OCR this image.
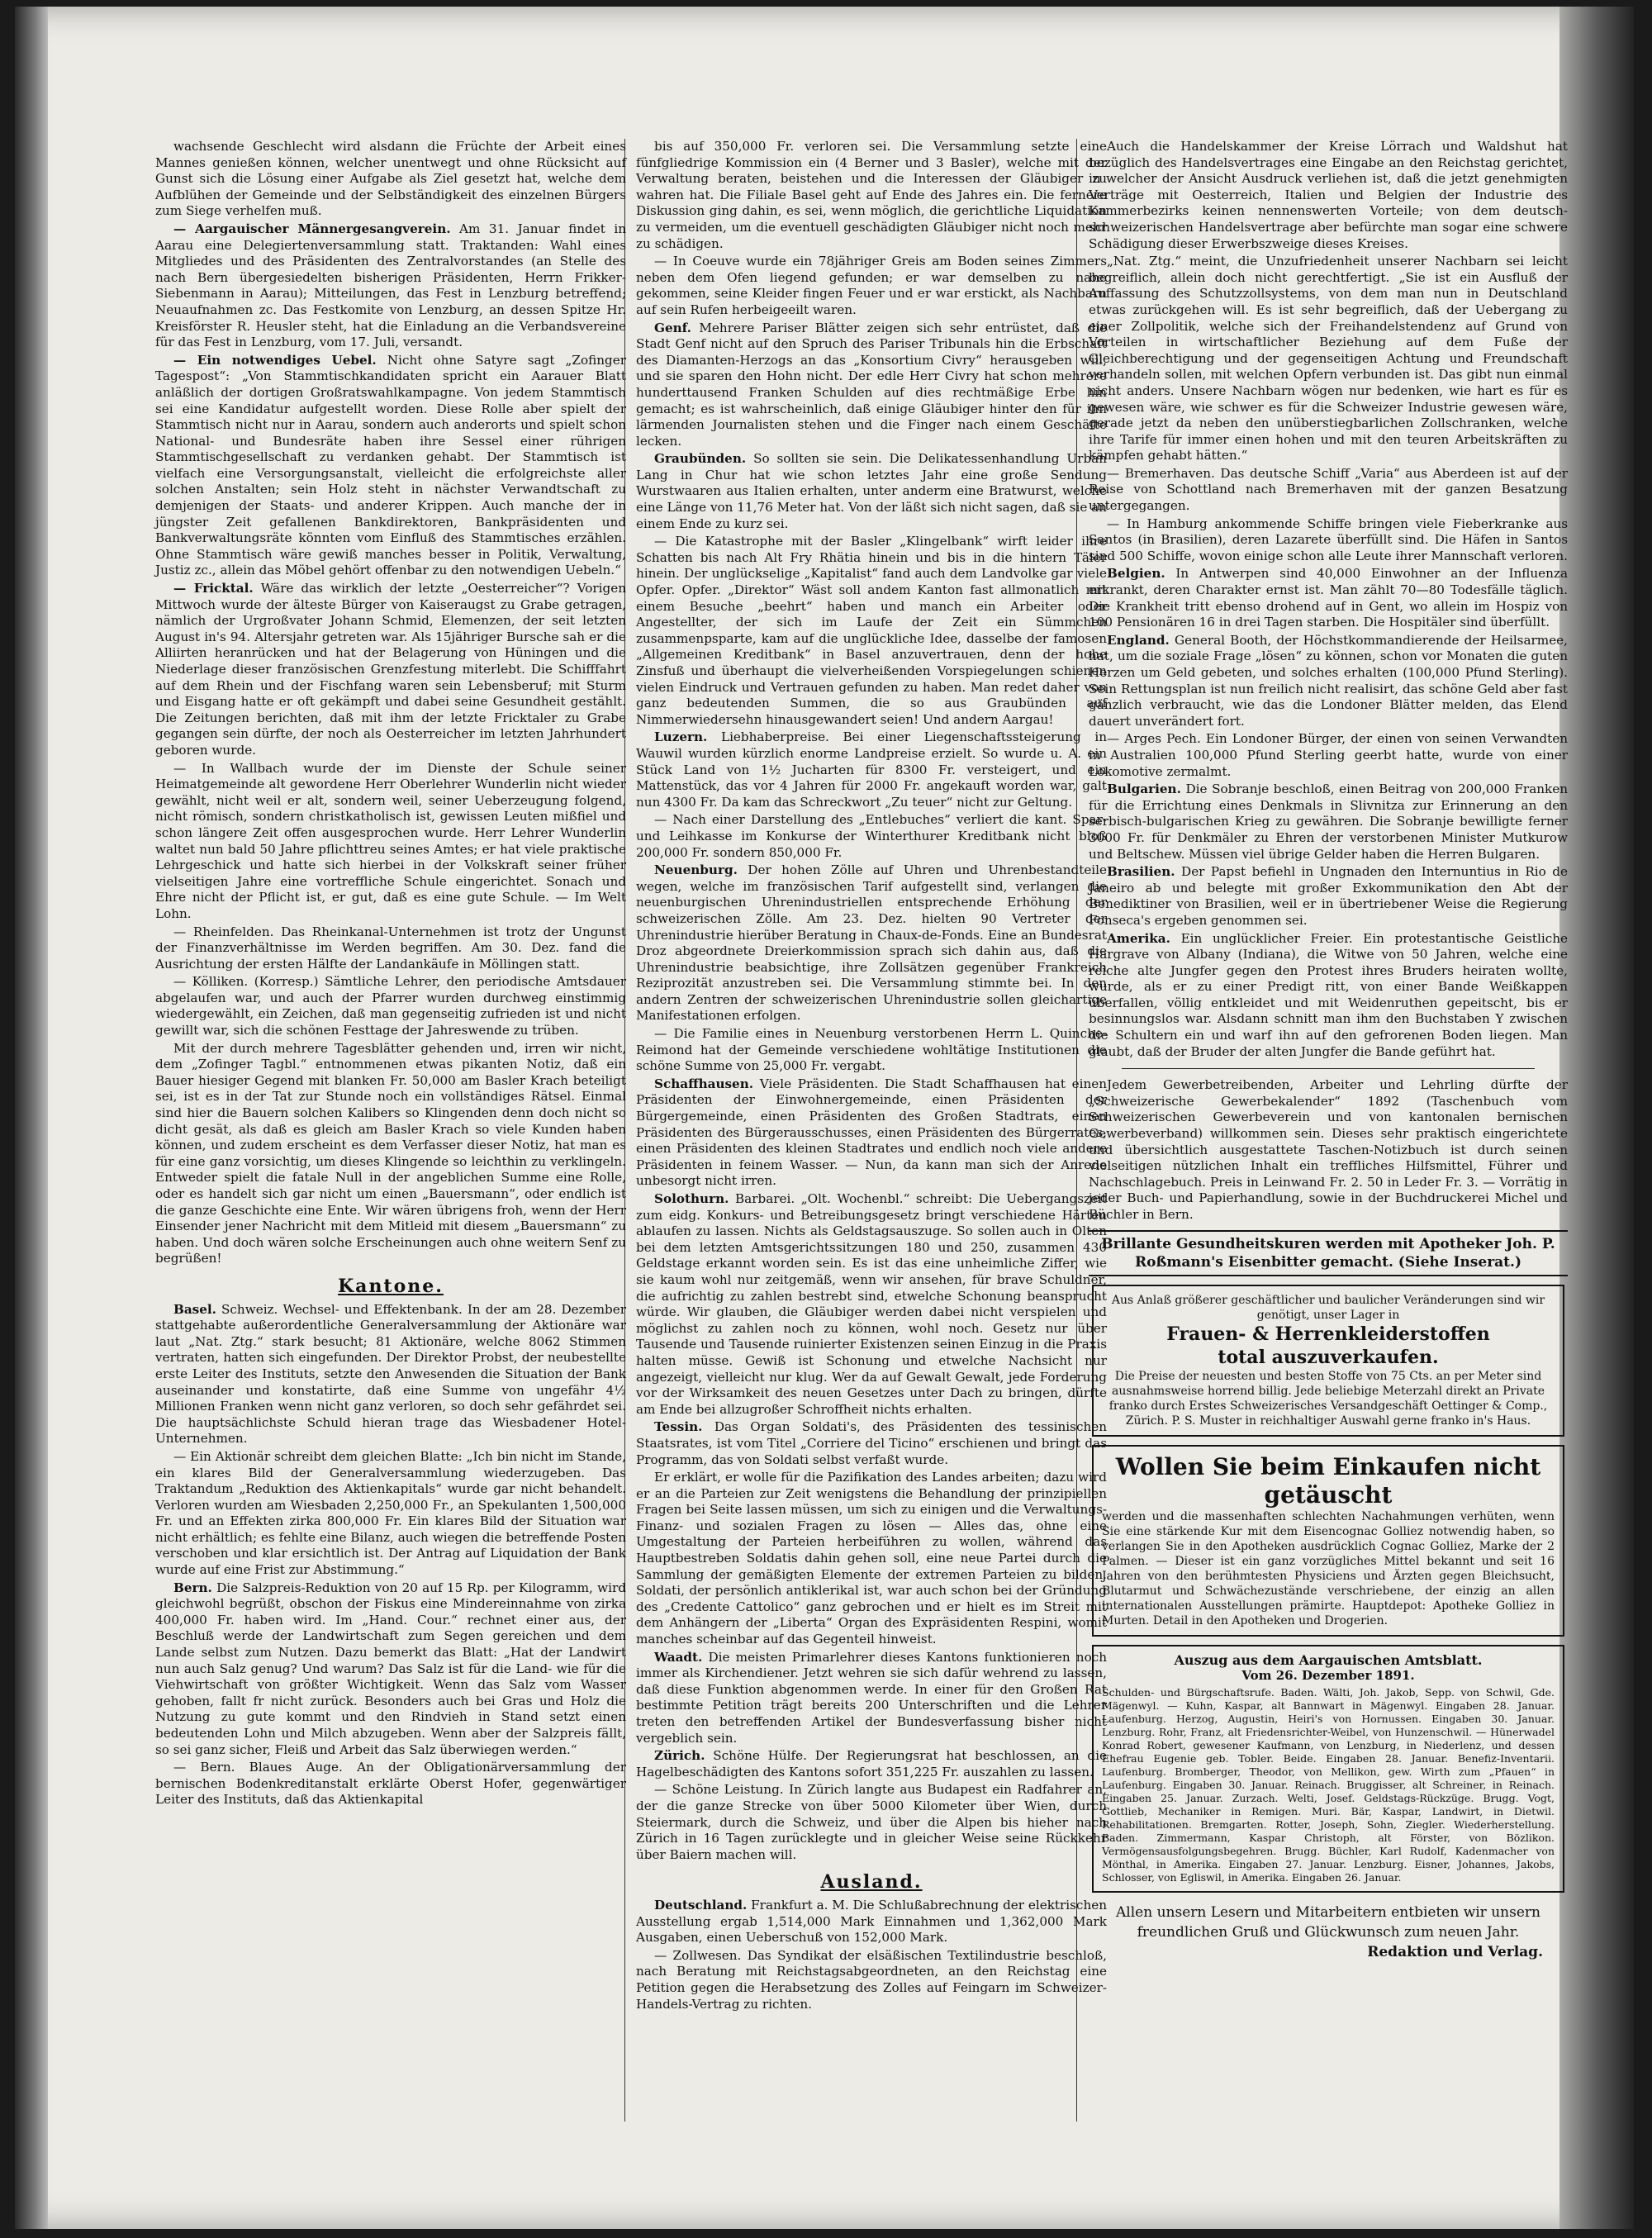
wachsende Geschlecht wird alsdann die Früchte der Arbeit eines Mannes genießen können, welcher unentwegt und ohne Rücksicht auf Gunst sich die Lösung einer Aufgabe als Ziel gesetzt hat, welche dem Aufblühen der Gemeinde und der Selbständigkeit des einzelnen Bürgers zum Siege verhelfen muß.

— Aargauischer Männergesangverein. Am 31. Januar findet in Aarau eine Delegiertenversammlung statt. Traktanden: Wahl eines Mitgliedes und des Präsidenten des Zentralvorstandes (an Stelle des nach Bern übergesiedelten bisherigen Präsidenten, Herrn Frikker-Siebenmann in Aarau); Mitteilungen, das Fest in Lenzburg betreffend; Neuaufnahmen zc. Das Festkomite von Lenzburg, an dessen Spitze Hr. Kreisförster R. Heusler steht, hat die Einladung an die Verbandsvereine für das Fest in Lenzburg, vom 17. Juli, versandt.

— Ein notwendiges Uebel. Nicht ohne Satyre sagt „Zofinger Tagespost“: „Von Stammtischkandidaten spricht ein Aarauer Blatt anläßlich der dortigen Großratswahlkampagne. Von jedem Stammtisch sei eine Kandidatur aufgestellt worden. Diese Rolle aber spielt der Stammtisch nicht nur in Aarau, sondern auch anderorts und spielt schon National- und Bundesräte haben ihre Sessel einer rührigen Stammtischgesellschaft zu verdanken gehabt. Der Stammtisch ist vielfach eine Versorgungsanstalt, vielleicht die erfolgreichste aller solchen Anstalten; sein Holz steht in nächster Verwandtschaft zu demjenigen der Staats- und anderer Krippen. Auch manche der in jüngster Zeit gefallenen Bankdirektoren, Bankpräsidenten und Bankverwaltungsräte könnten vom Einfluß des Stammtisches erzählen. Ohne Stammtisch wäre gewiß manches besser in Politik, Verwaltung, Justiz zc., allein das Möbel gehört offenbar zu den notwendigen Uebeln.“

— Fricktal. Wäre das wirklich der letzte „Oesterreicher“? Vorigen Mittwoch wurde der älteste Bürger von Kaiseraugst zu Grabe getragen, nämlich der Urgroßvater Johann Schmid, Elemenzen, der seit letzten August in's 94. Altersjahr getreten war. Als 15jähriger Bursche sah er die Alliirten heranrücken und hat der Belagerung von Hüningen und die Niederlage dieser französischen Grenzfestung miterlebt. Die Schifffahrt auf dem Rhein und der Fischfang waren sein Lebensberuf; mit Sturm und Eisgang hatte er oft gekämpft und dabei seine Gesundheit gestählt. Die Zeitungen berichten, daß mit ihm der letzte Fricktaler zu Grabe gegangen sein dürfte, der noch als Oesterreicher im letzten Jahrhundert geboren wurde.

— In Wallbach wurde der im Dienste der Schule seiner Heimatgemeinde alt gewordene Herr Oberlehrer Wunderlin nicht wieder gewählt, nicht weil er alt, sondern weil, seiner Ueberzeugung folgend, nicht römisch, sondern christkatholisch ist, gewissen Leuten mißfiel und schon längere Zeit offen ausgesprochen wurde. Herr Lehrer Wunderlin waltet nun bald 50 Jahre pflichttreu seines Amtes; er hat viele praktische Lehrgeschick und hatte sich hierbei in der Volkskraft seiner früher vielseitigen Jahre eine vortreffliche Schule eingerichtet. Sonach und Ehre nicht der Pflicht ist, er gut, daß es eine gute Schule. — Im Welt Lohn.

— Rheinfelden. Das Rheinkanal-Unternehmen ist trotz der Ungunst der Finanzverhältnisse im Werden begriffen. Am 30. Dez. fand die Ausrichtung der ersten Hälfte der Landankäufe in Möllingen statt.

— Kölliken. (Korresp.) Sämtliche Lehrer, den periodische Amtsdauer abgelaufen war, und auch der Pfarrer wurden durchweg einstimmig wiedergewählt, ein Zeichen, daß man gegenseitig zufrieden ist und nicht gewillt war, sich die schönen Festtage der Jahreswende zu trüben.

Mit der durch mehrere Tagesblätter gehenden und, irren wir nicht, dem „Zofinger Tagbl.“ entnommenen etwas pikanten Notiz, daß ein Bauer hiesiger Gegend mit blanken Fr. 50,000 am Basler Krach beteiligt sei, ist es in der Tat zur Stunde noch ein vollständiges Rätsel. Einmal sind hier die Bauern solchen Kalibers so Klingenden denn doch nicht so dicht gesät, als daß es gleich am Basler Krach so viele Kunden haben können, und zudem erscheint es dem Verfasser dieser Notiz, hat man es für eine ganz vorsichtig, um dieses Klingende so leichthin zu verklingeln. Entweder spielt die fatale Null in der angeblichen Summe eine Rolle, oder es handelt sich gar nicht um einen „Bauersmann“, oder endlich ist die ganze Geschichte eine Ente. Wir wären übrigens froh, wenn der Herr Einsender jener Nachricht mit dem Mitleid mit diesem „Bauersmann“ zu haben. Und doch wären solche Erscheinungen auch ohne weitern Senf zu begrüßen!

Kantone.

Basel. Schweiz. Wechsel- und Effektenbank. In der am 28. Dezember stattgehabte außerordentliche Generalversammlung der Aktionäre war laut „Nat. Ztg.“ stark besucht; 81 Aktionäre, welche 8062 Stimmen vertraten, hatten sich eingefunden. Der Direktor Probst, der neubestellte erste Leiter des Instituts, setzte den Anwesenden die Situation der Bank auseinander und konstatirte, daß eine Summe von ungefähr 4½ Millionen Franken wenn nicht ganz verloren, so doch sehr gefährdet sei. Die hauptsächlichste Schuld hieran trage das Wiesbadener Hotel-Unternehmen.

— Ein Aktionär schreibt dem gleichen Blatte: „Ich bin nicht im Stande, ein klares Bild der Generalversammlung wiederzugeben. Das Traktandum „Reduktion des Aktienkapitals“ wurde gar nicht behandelt. Verloren wurden am Wiesbaden 2,250,000 Fr., an Spekulanten 1,500,000 Fr. und an Effekten zirka 800,000 Fr. Ein klares Bild der Situation war nicht erhältlich; es fehlte eine Bilanz, auch wiegen die betreffende Posten verschoben und klar ersichtlich ist. Der Antrag auf Liquidation der Bank wurde auf eine Frist zur Abstimmung.“

Bern. Die Salzpreis-Reduktion von 20 auf 15 Rp. per Kilogramm, wird gleichwohl begrüßt, obschon der Fiskus eine Mindereinnahme von zirka 400,000 Fr. haben wird. Im „Hand. Cour.“ rechnet einer aus, der Beschluß werde der Landwirtschaft zum Segen gereichen und dem Lande selbst zum Nutzen. Dazu bemerkt das Blatt: „Hat der Landwirt nun auch Salz genug? Und warum? Das Salz ist für die Land- wie für die Viehwirtschaft von größter Wichtigkeit. Wenn das Salz vom Wasser gehoben, fallt fr nicht zurück. Besonders auch bei Gras und Holz die Nutzung zu gute kommt und den Rindvieh in Stand setzt einen bedeutenden Lohn und Milch abzugeben. Wenn aber der Salzpreis fällt, so sei ganz sicher, Fleiß und Arbeit das Salz überwiegen werden.“

— Bern. Blaues Auge. An der Obligationärversammlung der bernischen Bodenkreditanstalt erklärte Oberst Hofer, gegenwärtiger Leiter des Instituts, daß das Aktienkapital

bis auf 350,000 Fr. verloren sei. Die Versammlung setzte eine fünfgliedrige Kommission ein (4 Berner und 3 Basler), welche mit der Verwaltung beraten, beistehen und die Interessen der Gläubiger zu wahren hat. Die Filiale Basel geht auf Ende des Jahres ein. Die fernere Diskussion ging dahin, es sei, wenn möglich, die gerichtliche Liquidation zu vermeiden, um die eventuell geschädigten Gläubiger nicht noch mehr zu schädigen.

— In Coeuve wurde ein 78jähriger Greis am Boden seines Zimmers neben dem Ofen liegend gefunden; er war demselben zu nahe gekommen, seine Kleider fingen Feuer und er war erstickt, als Nachbarn auf sein Rufen herbeigeeilt waren.

Genf. Mehrere Pariser Blätter zeigen sich sehr entrüstet, daß die Stadt Genf nicht auf den Spruch des Pariser Tribunals hin die Erbschaft des Diamanten-Herzogs an das „Konsortium Civry“ herausgeben will, und sie sparen den Hohn nicht. Der edle Herr Civry hat schon mehrere hunderttausend Franken Schulden auf dies rechtmäßige Erbe hin gemacht; es ist wahrscheinlich, daß einige Gläubiger hinter den für ihn lärmenden Journalisten stehen und die Finger nach einem Geschäfte lecken.

Graubünden. So sollten sie sein. Die Delikatessenhandlung Urban Lang in Chur hat wie schon letztes Jahr eine große Sendung Wurstwaaren aus Italien erhalten, unter anderm eine Bratwurst, welche eine Länge von 11,76 Meter hat. Von der läßt sich nicht sagen, daß sie an einem Ende zu kurz sei.

— Die Katastrophe mit der Basler „Klingelbank“ wirft leider ihre Schatten bis nach Alt Fry Rhätia hinein und bis in die hintern Täler hinein. Der unglückselige „Kapitalist“ fand auch dem Landvolke gar viele Opfer. Opfer. „Direktor“ Wäst soll andem Kanton fast allmonatlich mit einem Besuche „beehrt“ haben und manch ein Arbeiter oder Angestellter, der sich im Laufe der Zeit ein Sümmchen zusammenpsparte, kam auf die unglückliche Idee, dasselbe der famosen „Allgemeinen Kreditbank“ in Basel anzuvertrauen, denn der hohe Zinsfuß und überhaupt die vielverheißenden Vorspiegelungen schienen vielen Eindruck und Vertrauen gefunden zu haben. Man redet daher von ganz bedeutenden Summen, die so aus Graubünden auf Nimmerwiedersehn hinausgewandert seien! Und andern Aargau!

Luzern. Liebhaberpreise. Bei einer Liegenschaftssteigerung in Wauwil wurden kürzlich enorme Landpreise erzielt. So wurde u. A. ein Stück Land von 1½ Jucharten für 8300 Fr. versteigert, und ein Mattenstück, das vor 4 Jahren für 2000 Fr. angekauft worden war, galt nun 4300 Fr. Da kam das Schreckwort „Zu teuer“ nicht zur Geltung.

— Nach einer Darstellung des „Entlebuches“ verliert die kant. Spar- und Leihkasse im Konkurse der Winterthurer Kreditbank nicht bloß 200,000 Fr. sondern 850,000 Fr.

Neuenburg. Der hohen Zölle auf Uhren und Uhrenbestandteile wegen, welche im französischen Tarif aufgestellt sind, verlangen die neuenburgischen Uhrenindustriellen entsprechende Erhöhung der schweizerischen Zölle. Am 23. Dez. hielten 90 Vertreter der Uhrenindustrie hierüber Beratung in Chaux-de-Fonds. Eine an Bundesrat Droz abgeordnete Dreierkommission sprach sich dahin aus, daß die Uhrenindustrie beabsichtige, ihre Zollsätzen gegenüber Frankreich Reziprozität anzustreben sei. Die Versammlung stimmte bei. In den andern Zentren der schweizerischen Uhrenindustrie sollen gleichartige Manifestationen erfolgen.

— Die Familie eines in Neuenburg verstorbenen Herrn L. Quinche-Reimond hat der Gemeinde verschiedene wohltätige Institutionen die schöne Summe von 25,000 Fr. vergabt.

Schaffhausen. Viele Präsidenten. Die Stadt Schaffhausen hat einen Präsidenten der Einwohnergemeinde, einen Präsidenten der Bürgergemeinde, einen Präsidenten des Großen Stadtrats, einen Präsidenten des Bürgerausschusses, einen Präsidenten des Bürgerrates, einen Präsidenten des kleinen Stadtrates und endlich noch viele andere Präsidenten in feinem Wasser. — Nun, da kann man sich der Anrede unbesorgt nicht irren.

Solothurn. Barbarei. „Olt. Wochenbl.“ schreibt: Die Uebergangszeit zum eidg. Konkurs- und Betreibungsgesetz bringt verschiedene Härten ablaufen zu lassen. Nichts als Geldstagsauszuge. So sollen auch in Olten bei dem letzten Amtsgerichtssitzungen 180 und 250, zusammen 430 Geldstage erkannt worden sein. Es ist das eine unheimliche Ziffer, wie sie kaum wohl nur zeitgemäß, wenn wir ansehen, für brave Schuldner, die aufrichtig zu zahlen bestrebt sind, etwelche Schonung beansprucht würde. Wir glauben, die Gläubiger werden dabei nicht verspielen und möglichst zu zahlen noch zu können, wohl noch. Gesetz nur über Tausende und Tausende ruinierter Existenzen seinen Einzug in die Praxis halten müsse. Gewiß ist Schonung und etwelche Nachsicht nur angezeigt, vielleicht nur klug. Wer da auf Gewalt Gewalt, jede Forderung vor der Wirksamkeit des neuen Gesetzes unter Dach zu bringen, dürfte am Ende bei allzugroßer Schroffheit nichts erhalten.

Tessin. Das Organ Soldati's, des Präsidenten des tessinischen Staatsrates, ist vom Titel „Corriere del Ticino“ erschienen und bringt das Programm, das von Soldati selbst verfaßt wurde.

Er erklärt, er wolle für die Pazifikation des Landes arbeiten; dazu wird er an die Parteien zur Zeit wenigstens die Behandlung der prinzipiellen Fragen bei Seite lassen müssen, um sich zu einigen und die Verwaltungs-Finanz- und sozialen Fragen zu lösen — Alles das, ohne eine Umgestaltung der Parteien herbeiführen zu wollen, während das Hauptbestreben Soldatis dahin gehen soll, eine neue Partei durch die Sammlung der gemäßigten Elemente der extremen Parteien zu bilden. Soldati, der persönlich antiklerikal ist, war auch schon bei der Gründung des „Credente Cattolico“ ganz gebrochen und er hielt es im Streit mit dem Anhängern der „Liberta“ Organ des Expräsidenten Respini, womit manches scheinbar auf das Gegenteil hinweist.

Waadt. Die meisten Primarlehrer dieses Kantons funktionieren noch immer als Kirchendiener. Jetzt wehren sie sich dafür wehrend zu lassen, daß diese Funktion abgenommen werde. In einer für den Großen Rat bestimmte Petition trägt bereits 200 Unterschriften und die Lehrer treten den betreffenden Artikel der Bundesverfassung bisher nicht vergeblich sein.

Zürich. Schöne Hülfe. Der Regierungsrat hat beschlossen, an die Hagelbeschädigten des Kantons sofort 351,225 Fr. auszahlen zu lassen.

— Schöne Leistung. In Zürich langte aus Budapest ein Radfahrer an, der die ganze Strecke von über 5000 Kilometer über Wien, durch Steiermark, durch die Schweiz, und über die Alpen bis hieher nach Zürich in 16 Tagen zurücklegte und in gleicher Weise seine Rückkehr über Baiern machen will.

Ausland.

Deutschland. Frankfurt a. M. Die Schlußabrechnung der elektrischen Ausstellung ergab 1,514,000 Mark Einnahmen und 1,362,000 Mark Ausgaben, einen Ueberschuß von 152,000 Mark.

— Zollwesen. Das Syndikat der elsäßischen Textilindustrie beschloß, nach Beratung mit Reichstagsabgeordneten, an den Reichstag eine Petition gegen die Herabsetzung des Zolles auf Feingarn im Schweizer-Handels-Vertrag zu richten.

Auch die Handelskammer der Kreise Lörrach und Waldshut hat bezüglich des Handelsvertrages eine Eingabe an den Reichstag gerichtet, in welcher der Ansicht Ausdruck verliehen ist, daß die jetzt genehmigten Verträge mit Oesterreich, Italien und Belgien der Industrie des Kammerbezirks keinen nennenswerten Vorteile; von dem deutsch-schweizerischen Handelsvertrage aber befürchte man sogar eine schwere Schädigung dieser Erwerbszweige dieses Kreises.

„Nat. Ztg.“ meint, die Unzufriedenheit unserer Nachbarn sei leicht begreiflich, allein doch nicht gerechtfertigt. „Sie ist ein Ausfluß der Auffassung des Schutzzollsystems, von dem man nun in Deutschland etwas zurückgehen will. Es ist sehr begreiflich, daß der Uebergang zu einer Zollpolitik, welche sich der Freihandelstendenz auf Grund von Vorteilen in wirtschaftlicher Beziehung auf dem Fuße der Gleichberechtigung und der gegenseitigen Achtung und Freundschaft verhandeln sollen, mit welchen Opfern verbunden ist. Das gibt nun einmal nicht anders. Unsere Nachbarn wögen nur bedenken, wie hart es für es gewesen wäre, wie schwer es für die Schweizer Industrie gewesen wäre, gerade jetzt da neben den unüberstiegbarlichen Zollschranken, welche ihre Tarife für immer einen hohen und mit den teuren Arbeitskräften zu kämpfen gehabt hätten.“

— Bremerhaven. Das deutsche Schiff „Varia“ aus Aberdeen ist auf der Reise von Schottland nach Bremerhaven mit der ganzen Besatzung untergegangen.

— In Hamburg ankommende Schiffe bringen viele Fieberkranke aus Santos (in Brasilien), deren Lazarete überfüllt sind. Die Häfen in Santos sind 500 Schiffe, wovon einige schon alle Leute ihrer Mannschaft verloren.

Belgien. In Antwerpen sind 40,000 Einwohner an der Influenza erkrankt, deren Charakter ernst ist. Man zählt 70—80 Todesfälle täglich. Die Krankheit tritt ebenso drohend auf in Gent, wo allein im Hospiz von 100 Pensionären 16 in drei Tagen starben. Die Hospitäler sind überfüllt.

England. General Booth, der Höchstkommandierende der Heilsarmee, hat, um die soziale Frage „lösen“ zu können, schon vor Monaten die guten Herzen um Geld gebeten, und solches erhalten (100,000 Pfund Sterling). Sein Rettungsplan ist nun freilich nicht realisirt, das schöne Geld aber fast gänzlich verbraucht, wie das die Londoner Blätter melden, das Elend dauert unverändert fort.

— Arges Pech. Ein Londoner Bürger, der einen von seinen Verwandten in Australien 100,000 Pfund Sterling geerbt hatte, wurde von einer Lokomotive zermalmt.

Bulgarien. Die Sobranje beschloß, einen Beitrag von 200,000 Franken für die Errichtung eines Denkmals in Slivnitza zur Erinnerung an den serbisch-bulgarischen Krieg zu gewähren. Die Sobranje bewilligte ferner 3000 Fr. für Denkmäler zu Ehren der verstorbenen Minister Mutkurow und Beltschew. Müssen viel übrige Gelder haben die Herren Bulgaren.

Brasilien. Der Papst befiehl in Ungnaden den Internuntius in Rio de Janeiro ab und belegte mit großer Exkommunikation den Abt der Benediktiner von Brasilien, weil er in übertriebener Weise die Regierung Fonseca's ergeben genommen sei.

Amerika. Ein unglücklicher Freier. Ein protestantische Geistliche Hargrave von Albany (Indiana), die Witwe von 50 Jahren, welche eine reiche alte Jungfer gegen den Protest ihres Bruders heiraten wollte, wurde, als er zu einer Predigt ritt, von einer Bande Weißkappen überfallen, völlig entkleidet und mit Weidenruthen gepeitscht, bis er besinnungslos war. Alsdann schnitt man ihm den Buchstaben Y zwischen die Schultern ein und warf ihn auf den gefrorenen Boden liegen. Man glaubt, daß der Bruder der alten Jungfer die Bande geführt hat.

Jedem Gewerbetreibenden, Arbeiter und Lehrling dürfte der „Schweizerische Gewerbekalender“ 1892 (Taschenbuch vom Schweizerischen Gewerbeverein und von kantonalen bernischen Gewerbeverband) willkommen sein. Dieses sehr praktisch eingerichtete und übersichtlich ausgestattete Taschen-Notizbuch ist durch seinen vielseitigen nützlichen Inhalt ein treffliches Hilfsmittel, Führer und Nachschlagebuch. Preis in Leinwand Fr. 2. 50 in Leder Fr. 3. — Vorrätig in jeder Buch- und Papierhandlung, sowie in der Buchdruckerei Michel und Büchler in Bern.

Brillante Gesundheitskuren werden mit Apotheker Joh. P. Roßmann's Eisenbitter gemacht. (Siehe Inserat.)
Aus Anlaß größerer geschäftlicher und baulicher Veränderungen sind wir genötigt, unser Lager in
Frauen- & Herrenkleiderstoffen
total auszuverkaufen.
Die Preise der neuesten und besten Stoffe von 75 Cts. an per Meter sind ausnahmsweise horrend billig. Jede beliebige Meterzahl direkt an Private franko durch Erstes Schweizerisches Versandgeschäft Oettinger & Comp., Zürich. P. S. Muster in reichhaltiger Auswahl gerne franko in's Haus.
Wollen Sie beim Einkaufen nicht getäuscht
werden und die massenhaften schlechten Nachahmungen verhüten, wenn Sie eine stärkende Kur mit dem Eisencognac Golliez notwendig haben, so verlangen Sie in den Apotheken ausdrücklich Cognac Golliez, Marke der 2 Palmen. — Dieser ist ein ganz vorzügliches Mittel bekannt und seit 16 Jahren von den berühmtesten Physiciens und Ärzten gegen Bleichsucht, Blutarmut und Schwächezustände verschriebene, der einzig an allen internationalen Ausstellungen prämirte. Hauptdepot: Apotheke Golliez in Murten. Detail in den Apotheken und Drogerien.
Auszug aus dem Aargauischen Amtsblatt.
Vom 26. Dezember 1891.
Schulden- und Bürgschaftsrufe. Baden. Wälti, Joh. Jakob, Sepp. von Schwil, Gde. Mägenwyl. — Kuhn, Kaspar, alt Bannwart in Mägenwyl. Eingaben 28. Januar. Laufenburg. Herzog, Augustin, Heiri's von Hornussen. Eingaben 30. Januar. Lenzburg. Rohr, Franz, alt Friedensrichter-Weibel, von Hunzenschwil. — Hünerwadel Konrad Robert, gewesener Kaufmann, von Lenzburg, in Niederlenz, und dessen Ehefrau Eugenie geb. Tobler. Beide. Eingaben 28. Januar. Benefiz-Inventarii. Laufenburg. Bromberger, Theodor, von Mellikon, gew. Wirth zum „Pfauen“ in Laufenburg. Eingaben 30. Januar. Reinach. Bruggisser, alt Schreiner, in Reinach. Eingaben 25. Januar. Zurzach. Welti, Josef. Geldstags-Rückzüge. Brugg. Vogt, Gottlieb, Mechaniker in Remigen. Muri. Bär, Kaspar, Landwirt, in Dietwil. Rehabilitationen. Bremgarten. Rotter, Joseph, Sohn, Ziegler. Wiederherstellung. Baden. Zimmermann, Kaspar Christoph, alt Förster, von Bözlikon. Vermögensausfolgungsbegehren. Brugg. Büchler, Karl Rudolf, Kadenmacher von Mönthal, in Amerika. Eingaben 27. Januar. Lenzburg. Eisner, Johannes, Jakobs, Schlosser, von Egliswil, in Amerika. Eingaben 26. Januar.
Allen unsern Lesern und Mitarbeitern entbieten wir unsern freundlichen Gruß und Glückwunsch zum neuen Jahr.
Redaktion und Verlag.
